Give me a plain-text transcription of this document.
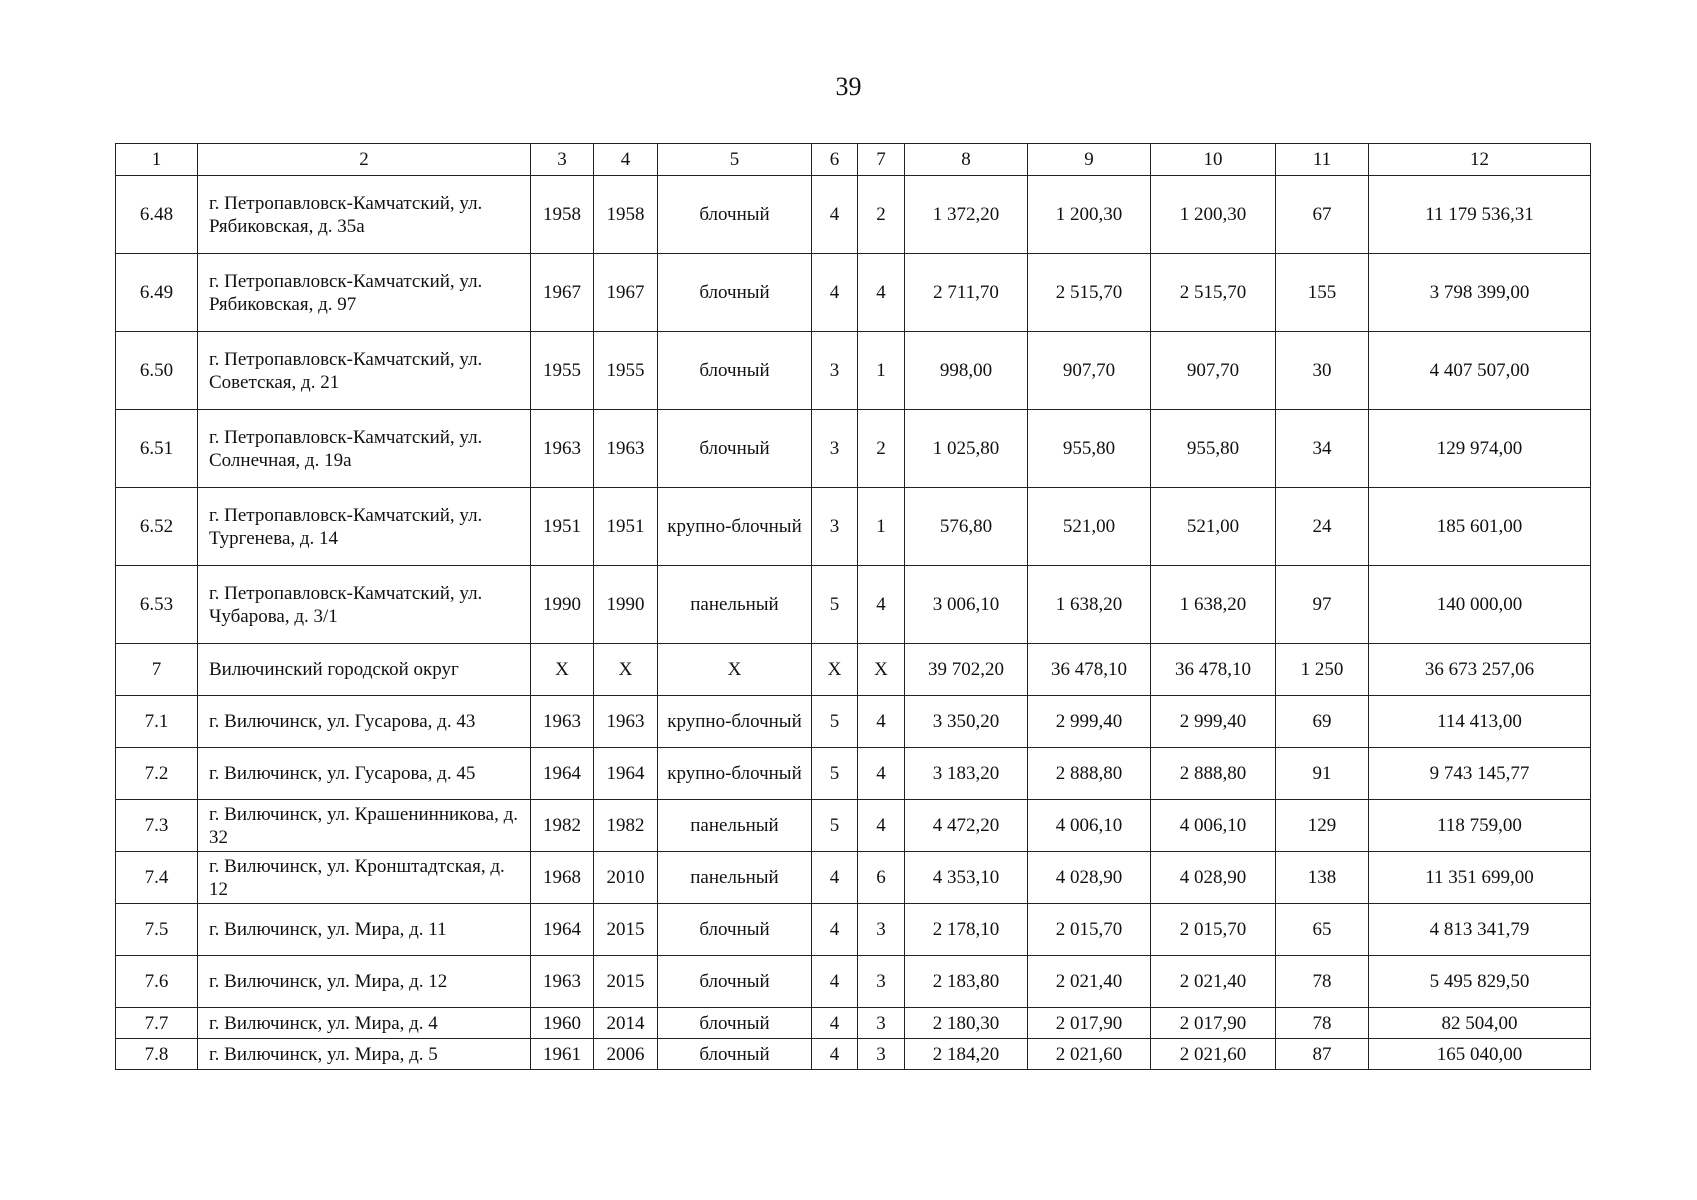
39
1	2	3	4	5	6	7	8	9	10	11	12
6.48	г. Петропавловск-Камчатский, ул. Рябиковская, д. 35а	1958	1958	блочный	4	2	1 372,20	1 200,30	1 200,30	67	11 179 536,31
6.49	г. Петропавловск-Камчатский, ул. Рябиковская, д. 97	1967	1967	блочный	4	4	2 711,70	2 515,70	2 515,70	155	3 798 399,00
6.50	г. Петропавловск-Камчатский, ул. Советская, д. 21	1955	1955	блочный	3	1	998,00	907,70	907,70	30	4 407 507,00
6.51	г. Петропавловск-Камчатский, ул. Солнечная, д. 19а	1963	1963	блочный	3	2	1 025,80	955,80	955,80	34	129 974,00
6.52	г. Петропавловск-Камчатский, ул. Тургенева, д. 14	1951	1951	крупно-блочный	3	1	576,80	521,00	521,00	24	185 601,00
6.53	г. Петропавловск-Камчатский, ул. Чубарова, д. 3/1	1990	1990	панельный	5	4	3 006,10	1 638,20	1 638,20	97	140 000,00
7	Вилючинский городской округ	X	X	X	X	X	39 702,20	36 478,10	36 478,10	1 250	36 673 257,06
7.1	г. Вилючинск, ул. Гусарова, д. 43	1963	1963	крупно-блочный	5	4	3 350,20	2 999,40	2 999,40	69	114 413,00
7.2	г. Вилючинск, ул. Гусарова, д. 45	1964	1964	крупно-блочный	5	4	3 183,20	2 888,80	2 888,80	91	9 743 145,77
7.3	г. Вилючинск, ул. Крашенинникова, д. 32	1982	1982	панельный	5	4	4 472,20	4 006,10	4 006,10	129	118 759,00
7.4	г. Вилючинск, ул. Кронштадтская, д. 12	1968	2010	панельный	4	6	4 353,10	4 028,90	4 028,90	138	11 351 699,00
7.5	г. Вилючинск, ул. Мира, д. 11	1964	2015	блочный	4	3	2 178,10	2 015,70	2 015,70	65	4 813 341,79
7.6	г. Вилючинск, ул. Мира, д. 12	1963	2015	блочный	4	3	2 183,80	2 021,40	2 021,40	78	5 495 829,50
7.7	г. Вилючинск, ул. Мира, д. 4	1960	2014	блочный	4	3	2 180,30	2 017,90	2 017,90	78	82 504,00
7.8	г. Вилючинск, ул. Мира, д. 5	1961	2006	блочный	4	3	2 184,20	2 021,60	2 021,60	87	165 040,00
